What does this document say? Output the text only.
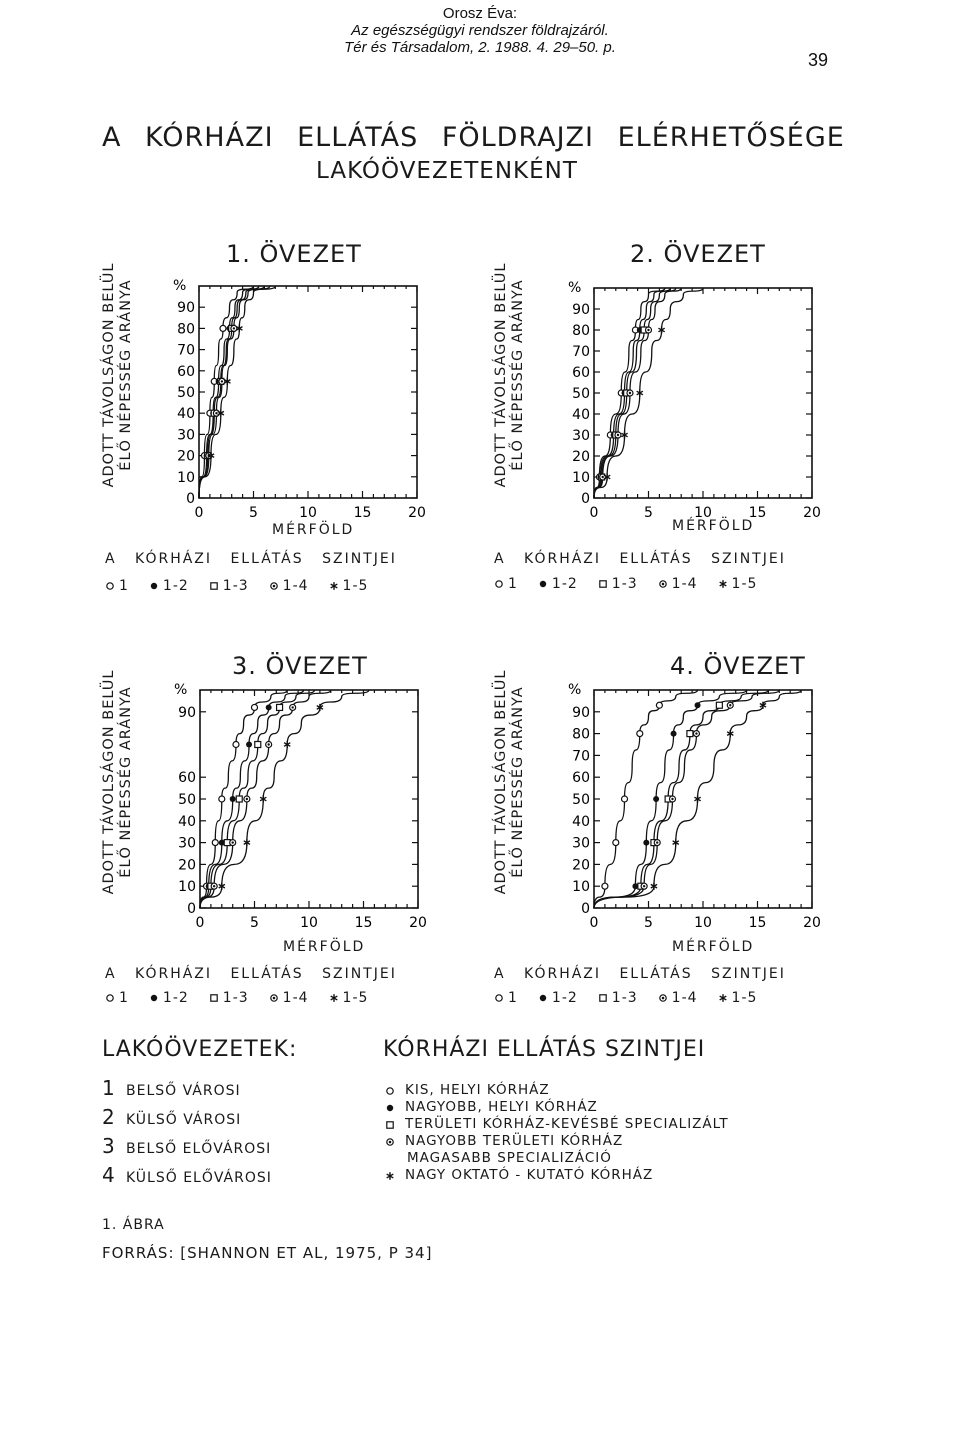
Orosz Éva:
Az egészségügyi rendszer földrajzáról.
Tér és Társadalom, 2. 1988. 4. 29–50. p.
39
A KÓRHÁZI ELLÁTÁS FÖLDRAJZI ELÉRHETŐSÉGE
LAKÓÖVEZETENKÉNT
ADOTT TÁVOLSÁGON BELÜL ÉLŐ NÉPESSÉG ARÁNYA
1. ÖVEZET
0	5	10	15	20
0
10
20
30
40
50
60
70
80
90
%
MÉRFÖLD
A KÓRHÁZI ELLÁTÁS SZINTJEI
1 1-2 1-3 1-4 1-5
ADOTT TÁVOLSÁGON BELÜL ÉLŐ NÉPESSÉG ARÁNYA
2. ÖVEZET
0	5	10	15	20
0
10
20
30
40
50
60
70
80
90
%
MÉRFÖLD
A KÓRHÁZI ELLÁTÁS SZINTJEI
1 1-2 1-3 1-4 1-5
ADOTT TÁVOLSÁGON BELÜL ÉLŐ NÉPESSÉG ARÁNYA
3. ÖVEZET
0	5	10	15	20
0
10
20
30
40
50
60
90
%
MÉRFÖLD
A KÓRHÁZI ELLÁTÁS SZINTJEI
1 1-2 1-3 1-4 1-5
ADOTT TÁVOLSÁGON BELÜL ÉLŐ NÉPESSÉG ARÁNYA
4. ÖVEZET
0	5	10	15	20
0
10
20
30
40
50
60
70
80
90
%
MÉRFÖLD
A KÓRHÁZI ELLÁTÁS SZINTJEI
1 1-2 1-3 1-4 1-5
LAKÓÖVEZETEK:
1 BELSŐ VÁROSI
2 KÜLSŐ VÁROSI
3 BELSŐ ELŐVÁROSI
4 KÜLSŐ ELŐVÁROSI
KÓRHÁZI ELLÁTÁS SZINTJEI
KIS, HELYI KÓRHÁZ
NAGYOBB, HELYI KÓRHÁZ
TERÜLETI KÓRHÁZ-KEVÉSBÉ SPECIALIZÁLT
NAGYOBB TERÜLETI KÓRHÁZ
MAGASABB SPECIALIZÁCIÓ
NAGY OKTATÓ - KUTATÓ KÓRHÁZ
1. ÁBRA
FORRÁS: [SHANNON ET AL, 1975, P 34]
